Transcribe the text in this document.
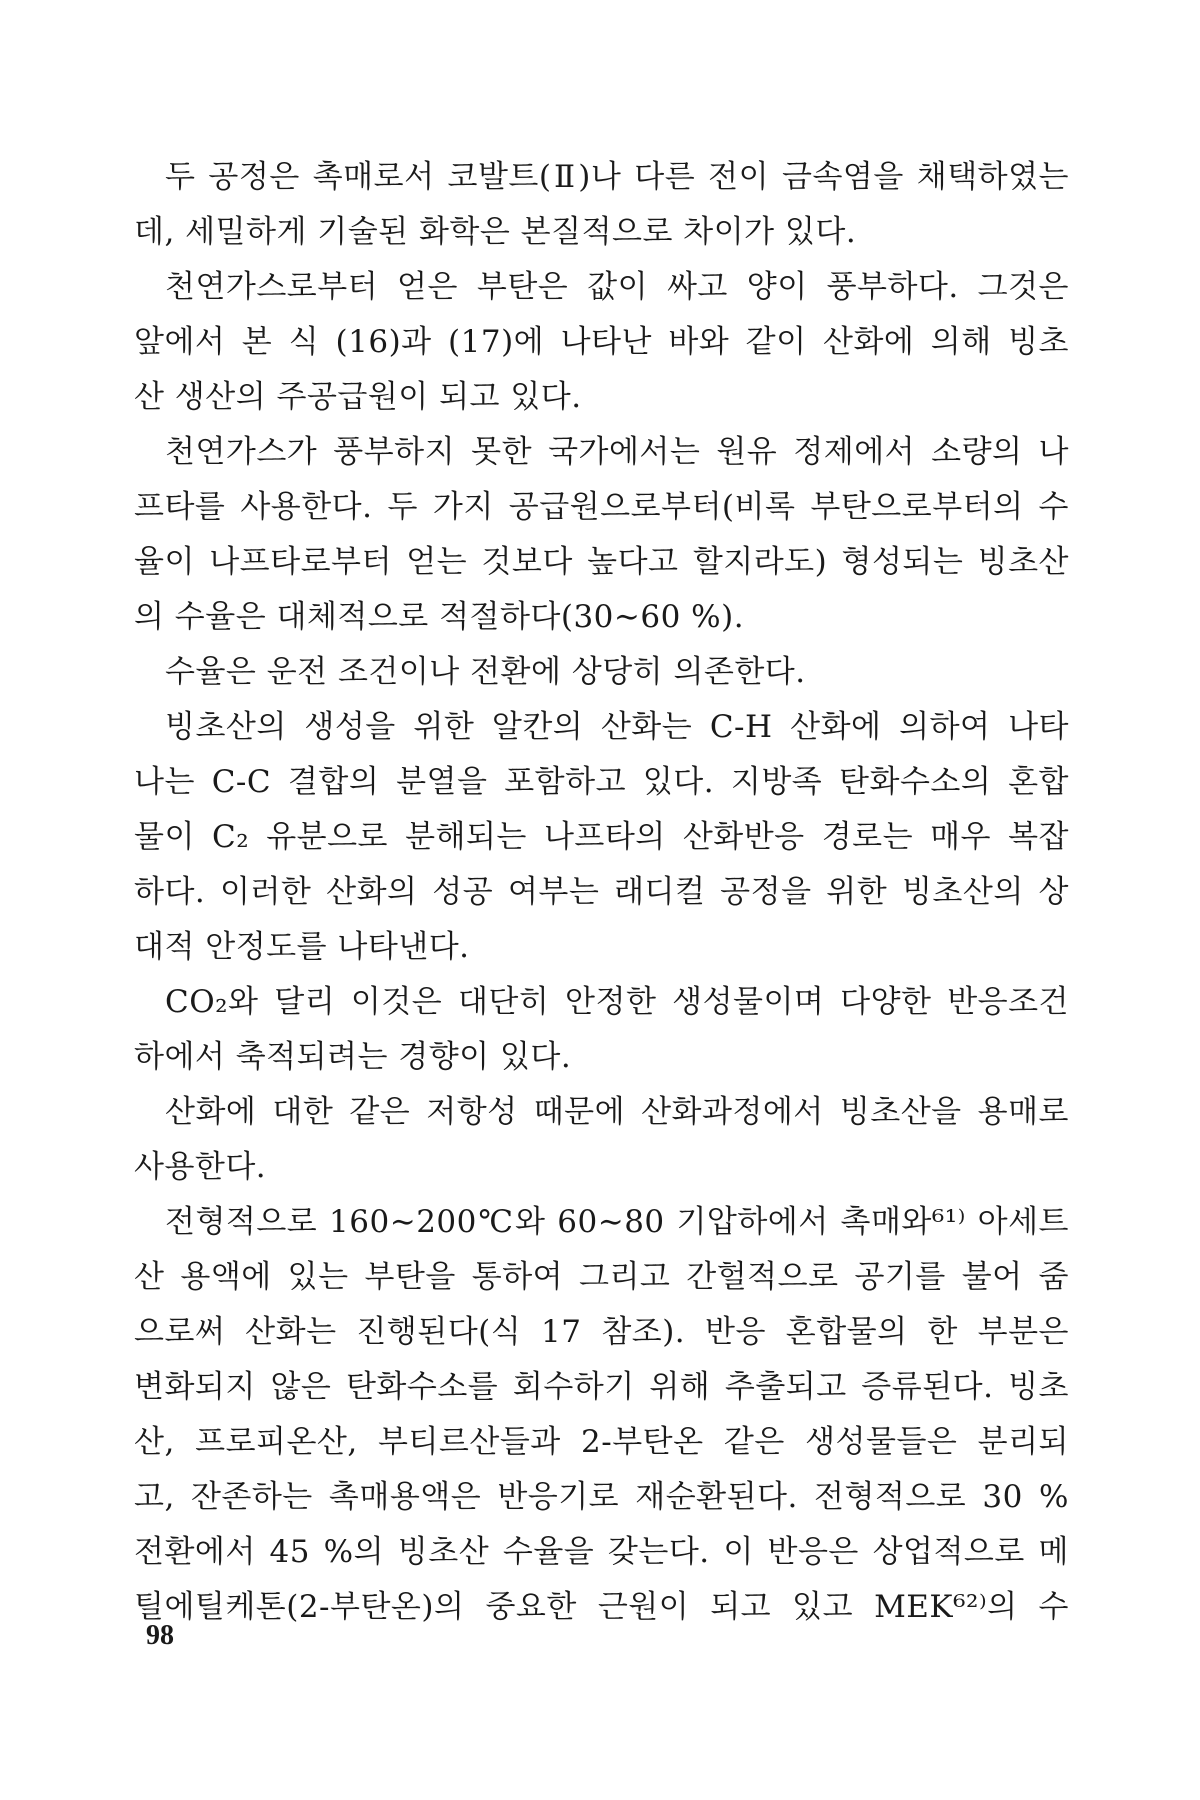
두 공정은 촉매로서 코발트(Ⅱ)나 다른 전이 금속염을 채택하였는
데, 세밀하게 기술된 화학은 본질적으로 차이가 있다.

천연가스로부터 얻은 부탄은 값이 싸고 양이 풍부하다. 그것은
앞에서 본 식 (16)과 (17)에 나타난 바와 같이 산화에 의해 빙초
산 생산의 주공급원이 되고 있다.

천연가스가 풍부하지 못한 국가에서는 원유 정제에서 소량의 나
프타를 사용한다. 두 가지 공급원으로부터(비록 부탄으로부터의 수
율이 나프타로부터 얻는 것보다 높다고 할지라도) 형성되는 빙초산
의 수율은 대체적으로 적절하다(30∼60 %).

수율은 운전 조건이나 전환에 상당히 의존한다.

빙초산의 생성을 위한 알칸의 산화는 C-H 산화에 의하여 나타
나는 C-C 결합의 분열을 포함하고 있다. 지방족 탄화수소의 혼합
물이 C₂ 유분으로 분해되는 나프타의 산화반응 경로는 매우 복잡
하다. 이러한 산화의 성공 여부는 래디컬 공정을 위한 빙초산의 상
대적 안정도를 나타낸다.

CO₂와 달리 이것은 대단히 안정한 생성물이며 다양한 반응조건
하에서 축적되려는 경향이 있다.

산화에 대한 같은 저항성 때문에 산화과정에서 빙초산을 용매로
사용한다.

전형적으로 160∼200℃와 60∼80 기압하에서 촉매와⁶¹⁾ 아세트
산 용액에 있는 부탄을 통하여 그리고 간헐적으로 공기를 불어 줌
으로써 산화는 진행된다(식 17 참조). 반응 혼합물의 한 부분은
변화되지 않은 탄화수소를 회수하기 위해 추출되고 증류된다. 빙초
산, 프로피온산, 부티르산들과 2-부탄온 같은 생성물들은 분리되
고, 잔존하는 촉매용액은 반응기로 재순환된다. 전형적으로 30 %
전환에서 45 %의 빙초산 수율을 갖는다. 이 반응은 상업적으로 메
틸에틸케톤(2-부탄온)의 중요한 근원이 되고 있고 MEK⁶²⁾의 수

98
